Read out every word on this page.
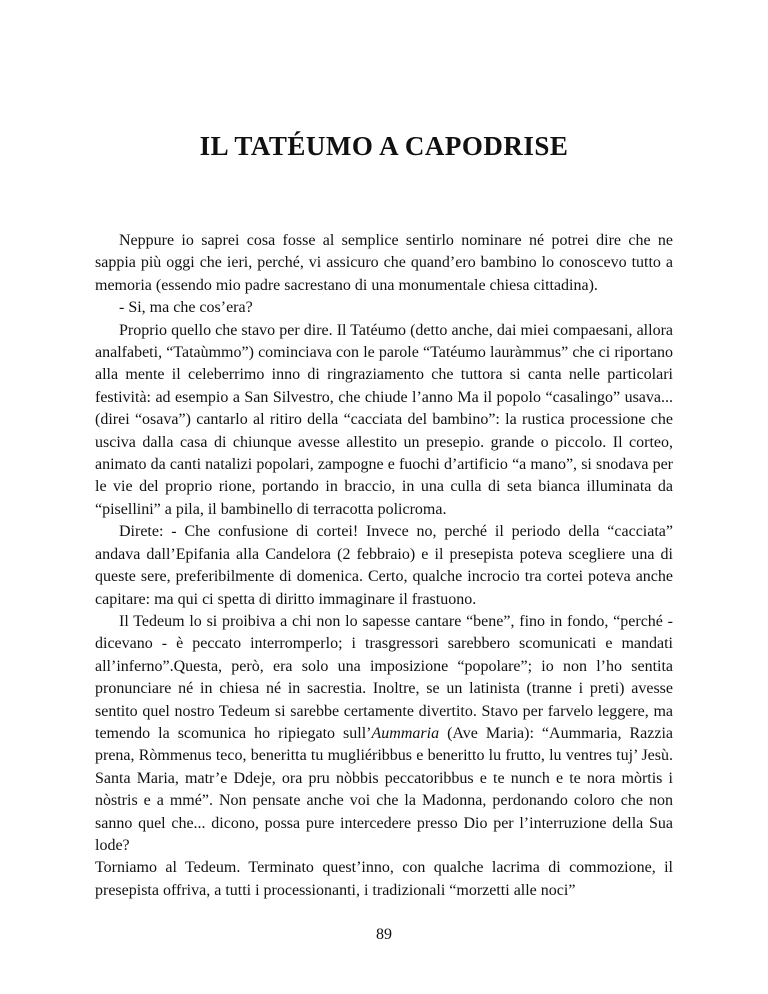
IL TATÉUMO A CAPODRISE

Neppure io saprei cosa fosse al semplice sentirlo nominare né potrei dire che ne sappia più oggi che ieri, perché, vi assicuro che quand’ero bambino lo conoscevo tutto a memoria (essendo mio padre sacrestano di una monumentale chiesa cittadina).

- Si, ma che cos’era?

Proprio quello che stavo per dire. Il Tatéumo (detto anche, dai miei compaesani, allora analfabeti, “Tataùmmo”) cominciava con le parole “Tatéumo lauràmmus” che ci riportano alla mente il celeberrimo inno di ringraziamento che tuttora si canta nelle particolari festività: ad esempio a San Silvestro, che chiude l’anno Ma il popolo “casalingo” usava... (direi “osava”) cantarlo al ritiro della “cacciata del bambino”: la rustica processione che usciva dalla casa di chiunque avesse allestito un presepio. grande o piccolo. Il corteo, animato da canti natalizi popolari, zampogne e fuochi d’artificio “a mano”, si snodava per le vie del proprio rione, portando in braccio, in una culla di seta bianca illuminata da “pisellini” a pila, il bambinello di terracotta policroma.

Direte: - Che confusione di cortei! Invece no, perché il periodo della “cacciata” andava dall’Epifania alla Candelora (2 febbraio) e il presepista poteva scegliere una di queste sere, preferibilmente di domenica. Certo, qualche incrocio tra cortei poteva anche capitare: ma qui ci spetta di diritto immaginare il frastuono.

Il Tedeum lo si proibiva a chi non lo sapesse cantare “bene”, fino in fondo, “perché - dicevano - è peccato interromperlo; i trasgressori sarebbero scomunicati e mandati all’inferno”.Questa, però, era solo una imposizione “popolare”; io non l’ho sentita pronunciare né in chiesa né in sacrestia. Inoltre, se un latinista (tranne i preti) avesse sentito quel nostro Tedeum si sarebbe certamente divertito. Stavo per farvelo leggere, ma temendo la scomunica ho ripiegato sull’Aummaria (Ave Maria): “Aummaria, Razzia prena, Ròmmenus teco, beneritta tu mugliéribbus e beneritto lu frutto, lu ventres tuj’ Jesù. Santa Maria, matr’e Ddeje, ora pru nòbbis peccatoribbus e te nunch e te nora mòrtis i nòstris e a mmé”. Non pensate anche voi che la Madonna, perdonando coloro che non sanno quel che... dicono, possa pure intercedere presso Dio per l’interruzione della Sua lode?

Torniamo al Tedeum. Terminato quest’inno, con qualche lacrima di commozione, il presepista offriva, a tutti i processionanti, i tradizionali “morzetti alle noci”

89
